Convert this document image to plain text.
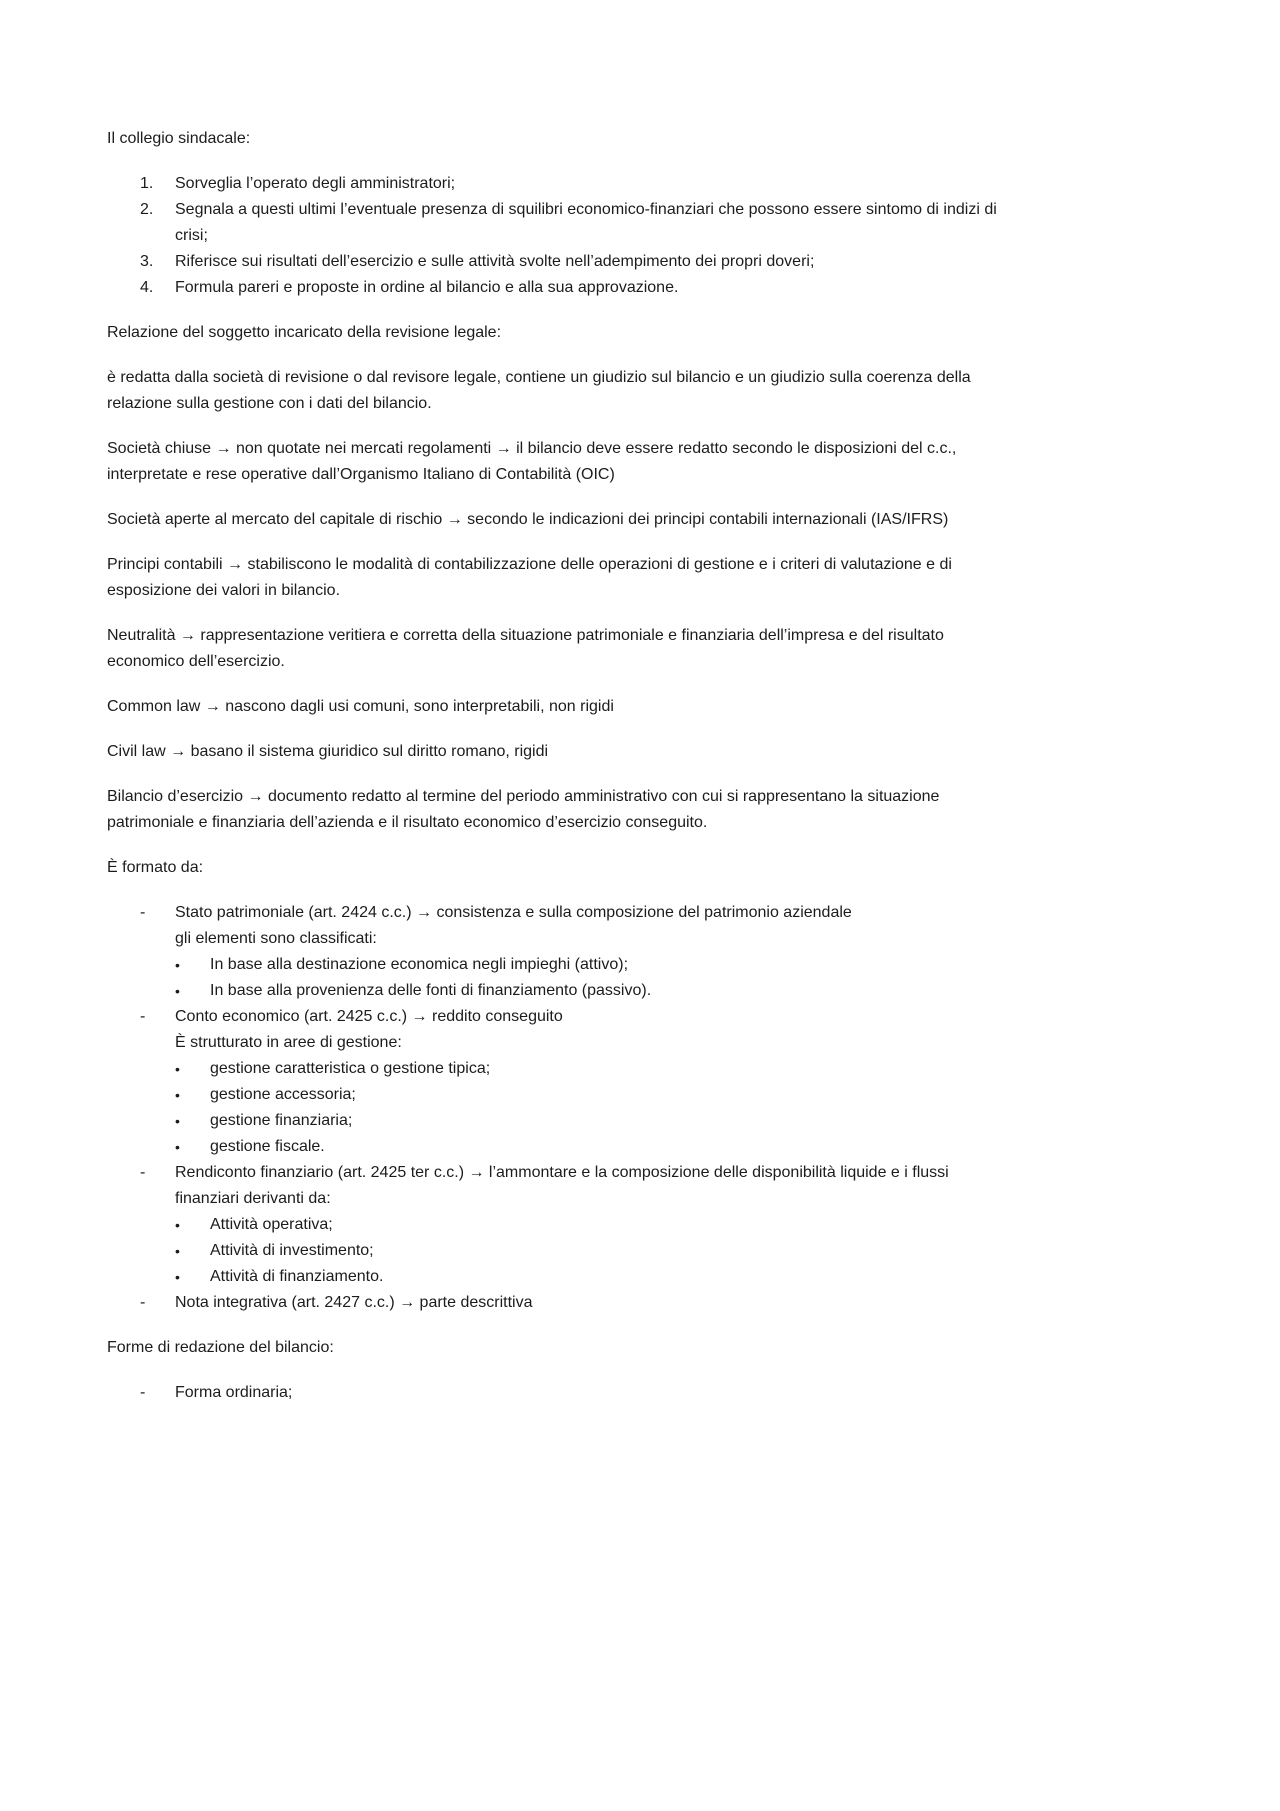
Il collegio sindacale:
1.	Sorveglia l’operato degli amministratori;
2.	Segnala a questi ultimi l’eventuale presenza di squilibri economico-finanziari che possono essere sintomo di indizi di crisi;
3.	Riferisce sui risultati dell’esercizio e sulle attività svolte nell’adempimento dei propri doveri;
4.	Formula pareri e proposte in ordine al bilancio e alla sua approvazione.
Relazione del soggetto incaricato della revisione legale:
è redatta dalla società di revisione o dal revisore legale, contiene un giudizio sul bilancio e un giudizio sulla coerenza della relazione sulla gestione con i dati del bilancio.
Società chiuse → non quotate nei mercati regolamenti → il bilancio deve essere redatto secondo le disposizioni del c.c., interpretate e rese operative dall’Organismo Italiano di Contabilità (OIC)
Società aperte al mercato del capitale di rischio → secondo le indicazioni dei principi contabili internazionali (IAS/IFRS)
Principi contabili → stabiliscono le modalità di contabilizzazione delle operazioni di gestione e i criteri di valutazione e di esposizione dei valori in bilancio.
Neutralità → rappresentazione veritiera e corretta della situazione patrimoniale e finanziaria dell’impresa e del risultato economico dell’esercizio.
Common law → nascono dagli usi comuni, sono interpretabili, non rigidi
Civil law → basano il sistema giuridico sul diritto romano, rigidi
Bilancio d’esercizio → documento redatto al termine del periodo amministrativo con cui si rappresentano la situazione patrimoniale e finanziaria dell’azienda e il risultato economico d’esercizio conseguito.
È formato da:
-	Stato patrimoniale (art. 2424 c.c.) → consistenza e sulla composizione del patrimonio aziendale
gli elementi sono classificati:
•	In base alla destinazione economica negli impieghi (attivo);
•	In base alla provenienza delle fonti di finanziamento (passivo).
-	Conto economico (art. 2425 c.c.) → reddito conseguito
È strutturato in aree di gestione:
•	gestione caratteristica o gestione tipica;
•	gestione accessoria;
•	gestione finanziaria;
•	gestione fiscale.
-	Rendiconto finanziario (art. 2425 ter c.c.) → l’ammontare e la composizione delle disponibilità liquide e i flussi finanziari derivanti da:
•	Attività operativa;
•	Attività di investimento;
•	Attività di finanziamento.
-	Nota integrativa (art. 2427 c.c.) → parte descrittiva
Forme di redazione del bilancio:
-	Forma ordinaria;
